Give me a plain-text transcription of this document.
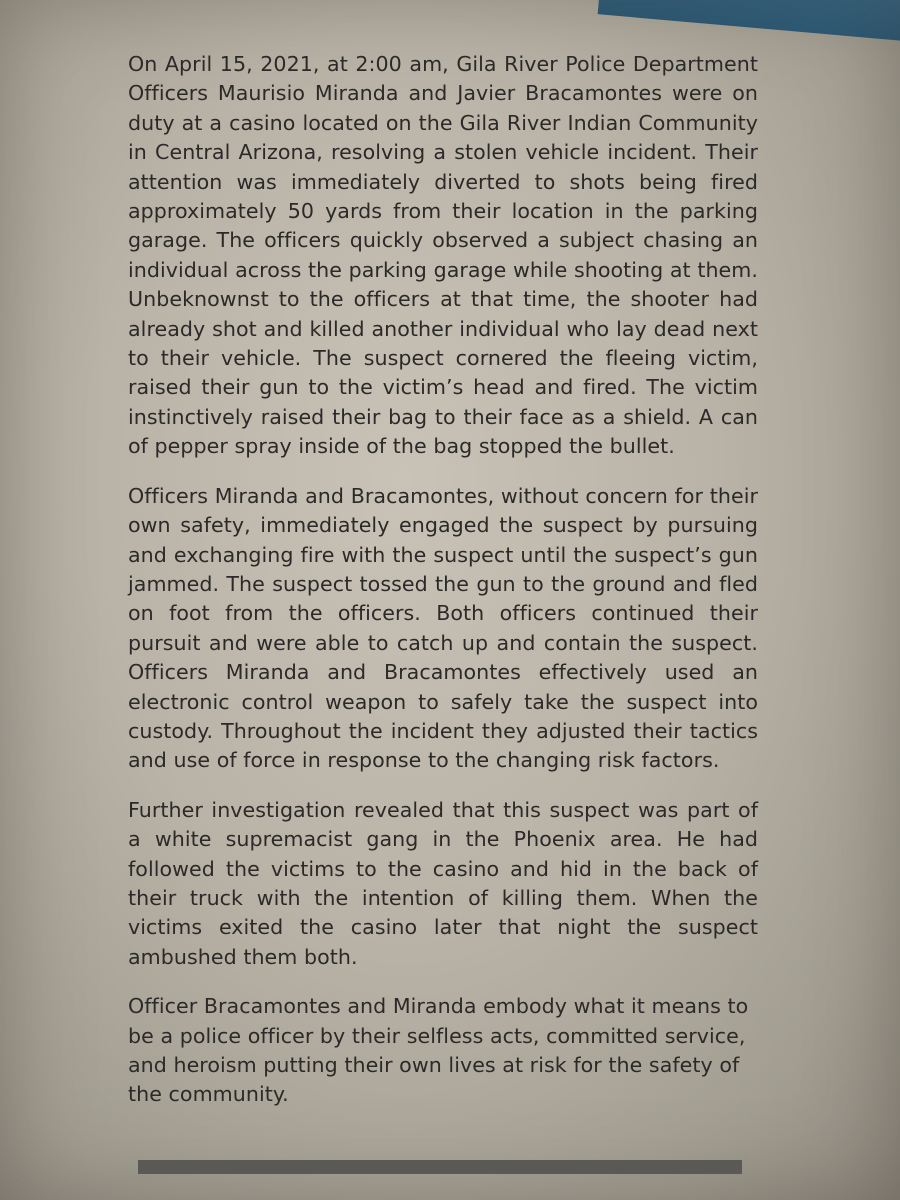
On April 15, 2021, at 2:00 am, Gila River Police Department Officers Maurisio Miranda and Javier Bracamontes were on duty at a casino located on the Gila River Indian Community in Central Arizona, resolving a stolen vehicle incident. Their attention was immediately diverted to shots being fired approximately 50 yards from their location in the parking garage. The officers quickly observed a subject chasing an individual across the parking garage while shooting at them. Unbeknownst to the officers at that time, the shooter had already shot and killed another individual who lay dead next to their vehicle. The suspect cornered the fleeing victim, raised their gun to the victim’s head and fired. The victim instinctively raised their bag to their face as a shield. A can of pepper spray inside of the bag stopped the bullet.

Officers Miranda and Bracamontes, without concern for their own safety, immediately engaged the suspect by pursuing and exchanging fire with the suspect until the suspect’s gun jammed. The suspect tossed the gun to the ground and fled on foot from the officers. Both officers continued their pursuit and were able to catch up and contain the suspect. Officers Miranda and Bracamontes effectively used an electronic control weapon to safely take the suspect into custody. Throughout the incident they adjusted their tactics and use of force in response to the changing risk factors.

Further investigation revealed that this suspect was part of a white supremacist gang in the Phoenix area. He had followed the victims to the casino and hid in the back of their truck with the intention of killing them. When the victims exited the casino later that night the suspect ambushed them both.

Officer Bracamontes and Miranda embody what it means to be a police officer by their selfless acts, committed service, and heroism putting their own lives at risk for the safety of the community.
